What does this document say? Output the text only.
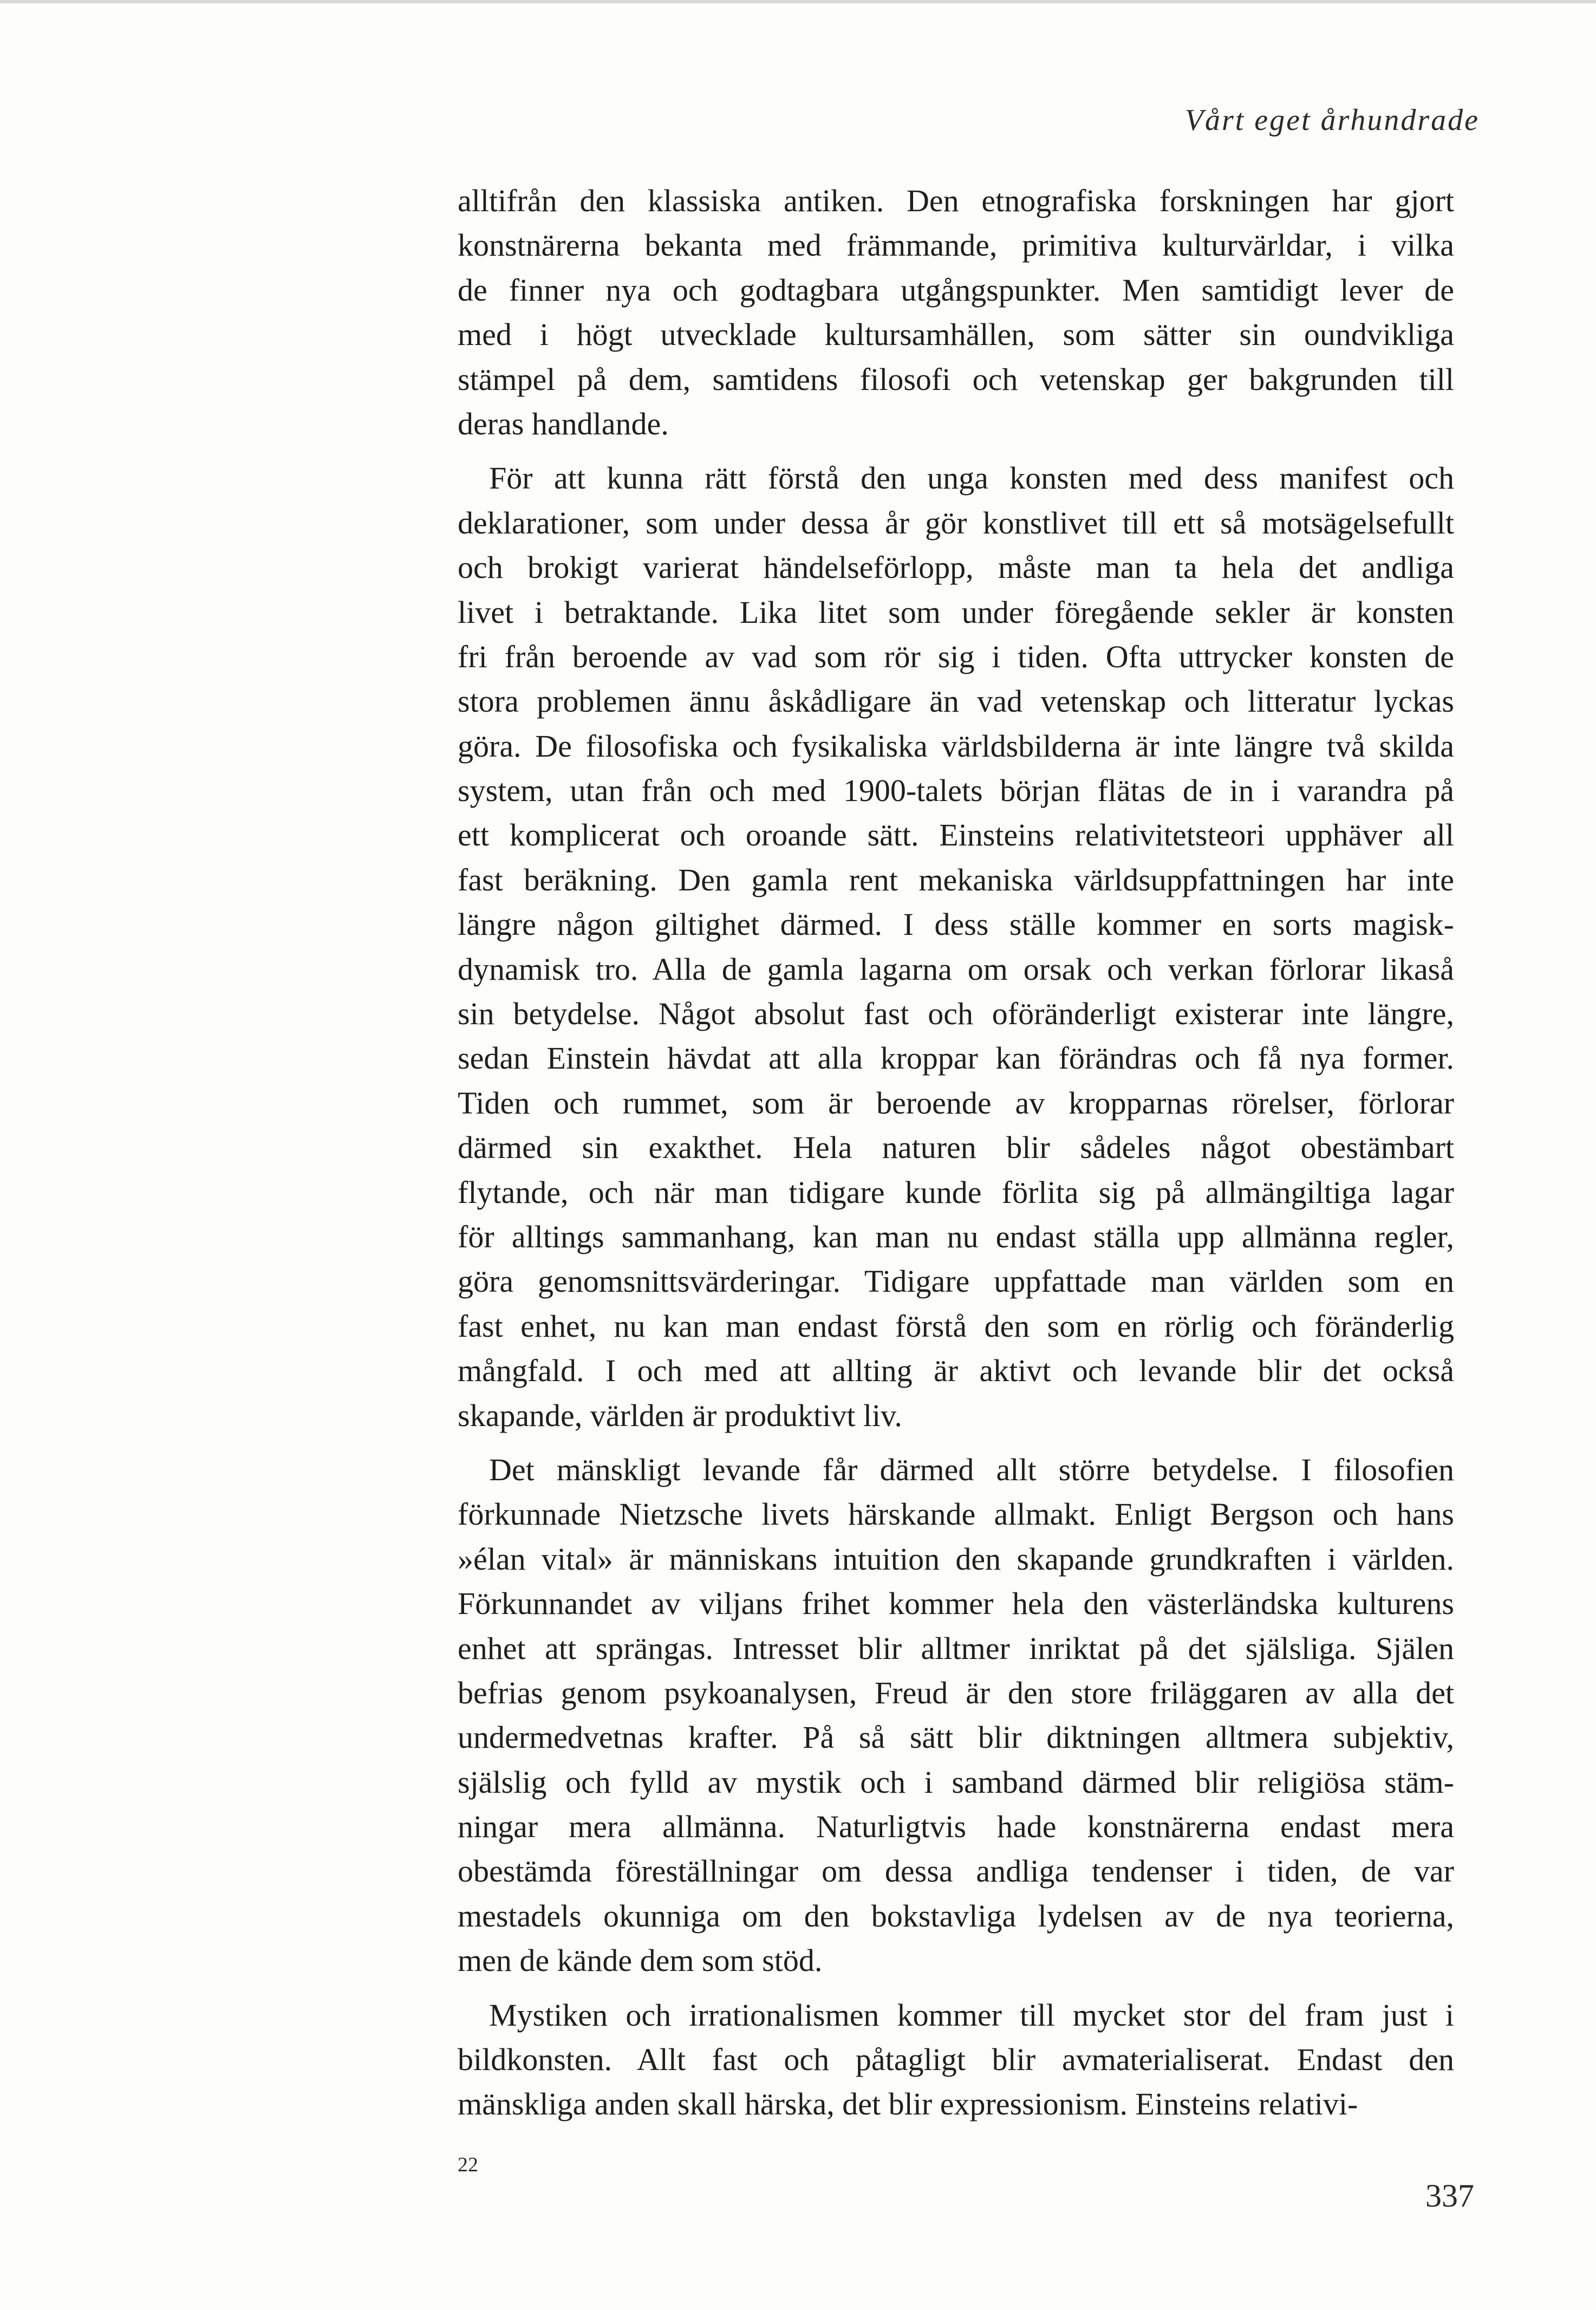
Vårt eget århundrade
alltifrån den klassiska antiken. Den etnografiska forskningen har gjort
konstnärerna bekanta med främmande, primitiva kulturvärldar, i vilka
de finner nya och godtagbara utgångspunkter. Men samtidigt lever de
med i högt utvecklade kultursamhällen, som sätter sin oundvikliga
stämpel på dem, samtidens filosofi och vetenskap ger bakgrunden till
deras handlande.
För att kunna rätt förstå den unga konsten med dess manifest och
deklarationer, som under dessa år gör konstlivet till ett så motsägelsefullt
och brokigt varierat händelseförlopp, måste man ta hela det andliga
livet i betraktande. Lika litet som under föregående sekler är konsten
fri från beroende av vad som rör sig i tiden. Ofta uttrycker konsten de
stora problemen ännu åskådligare än vad vetenskap och litteratur lyckas
göra. De filosofiska och fysikaliska världsbilderna är inte längre två skilda
system, utan från och med 1900-talets början flätas de in i varandra på
ett komplicerat och oroande sätt. Einsteins relativitetsteori upphäver all
fast beräkning. Den gamla rent mekaniska världsuppfattningen har inte
längre någon giltighet därmed. I dess ställe kommer en sorts magisk-
dynamisk tro. Alla de gamla lagarna om orsak och verkan förlorar likaså
sin betydelse. Något absolut fast och oföränderligt existerar inte längre,
sedan Einstein hävdat att alla kroppar kan förändras och få nya former.
Tiden och rummet, som är beroende av kropparnas rörelser, förlorar
därmed sin exakthet. Hela naturen blir sådeles något obestämbart
flytande, och när man tidigare kunde förlita sig på allmängiltiga lagar
för alltings sammanhang, kan man nu endast ställa upp allmänna regler,
göra genomsnittsvärderingar. Tidigare uppfattade man världen som en
fast enhet, nu kan man endast förstå den som en rörlig och föränderlig
mångfald. I och med att allting är aktivt och levande blir det också
skapande, världen är produktivt liv.
Det mänskligt levande får därmed allt större betydelse. I filosofien
förkunnade Nietzsche livets härskande allmakt. Enligt Bergson och hans
»élan vital» är människans intuition den skapande grundkraften i världen.
Förkunnandet av viljans frihet kommer hela den västerländska kulturens
enhet att sprängas. Intresset blir alltmer inriktat på det själsliga. Själen
befrias genom psykoanalysen, Freud är den store friläggaren av alla det
undermedvetnas krafter. På så sätt blir diktningen alltmera subjektiv,
själslig och fylld av mystik och i samband därmed blir religiösa stäm-
ningar mera allmänna. Naturligtvis hade konstnärerna endast mera
obestämda föreställningar om dessa andliga tendenser i tiden, de var
mestadels okunniga om den bokstavliga lydelsen av de nya teorierna,
men de kände dem som stöd.
Mystiken och irrationalismen kommer till mycket stor del fram just i
bildkonsten. Allt fast och påtagligt blir avmaterialiserat. Endast den
mänskliga anden skall härska, det blir expressionism. Einsteins relativi-
22
337
